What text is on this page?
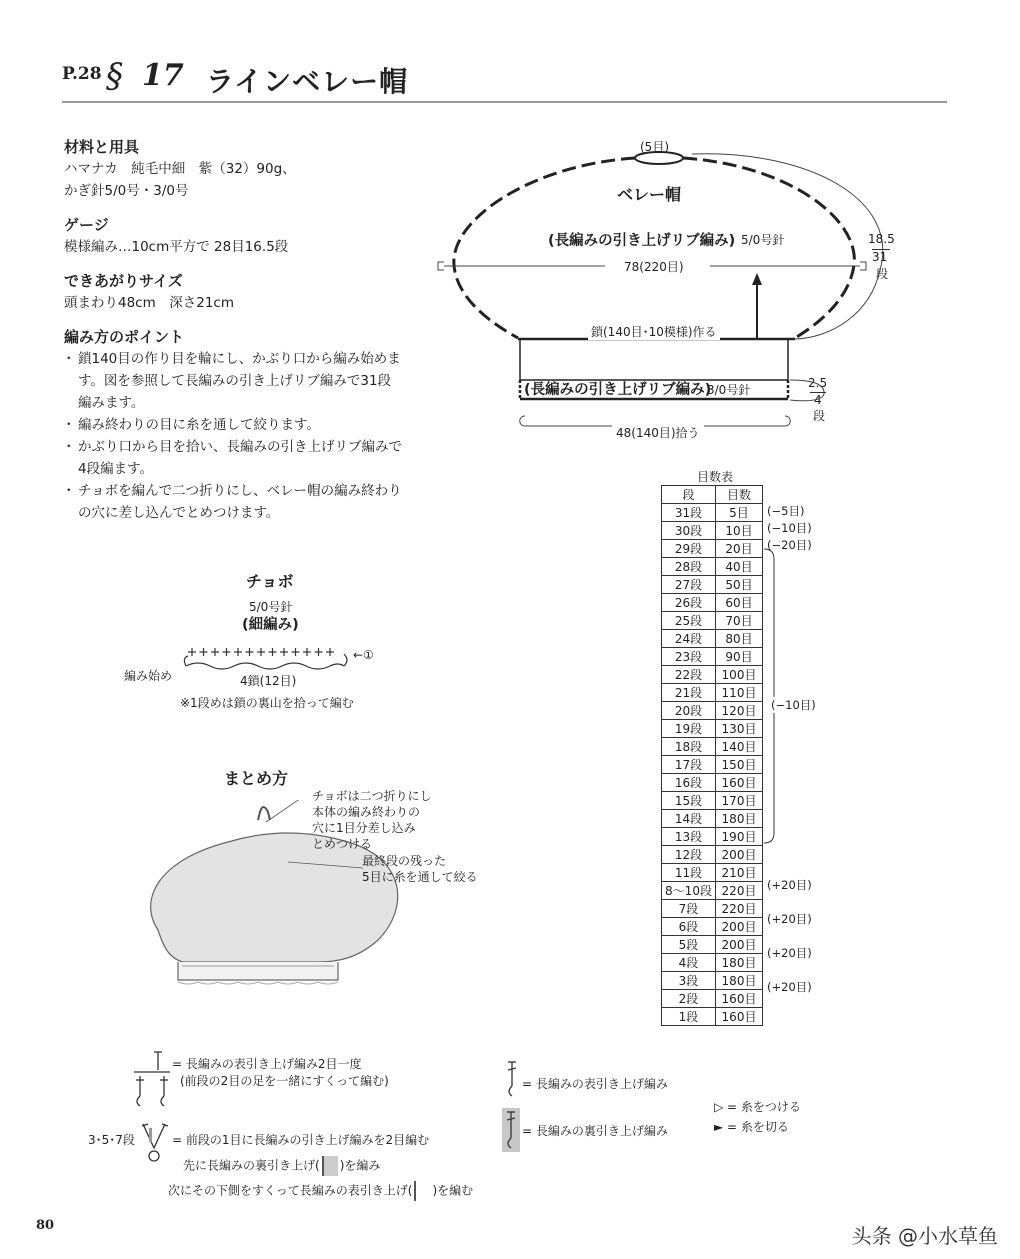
P.28 § 17 ラインベレー帽
材料と用具

ハマナカ　純毛中細　紫（32）90g、

かぎ針5/0号・3/0号

ゲージ

模様編み…10cm平方で 28目16.5段

できあがりサイズ

頭まわり48cm　深さ21cm

編み方のポイント
・ 鎖140目の作り目を輪にし、かぶり口から編み始めます。図を参照して長編みの引き上げリブ編みで31段編みます。
・ 編み終わりの目に糸を通して絞ります。
・ かぶり口から目を拾い、長編みの引き上げリブ編みで4段編ます。
・ チョボを編んで二つ折りにし、ベレー帽の編み終わりの穴に差し込んでとめつけます。
(5目)
ベレー帽
(長編みの引き上げリブ編み) 5/0号針
78(220目)
18.5
31
段
鎖(140目･10模様)作る
(長編みの引き上げリブ編み)
3/0号針	2.5
4
段
48(140目)拾う
目数表
段	目数
31段	5目
30段	10目
29段	20目
28段	40目
27段	50目
26段	60目
25段	70目
24段	80目
23段	90目
22段	100目
21段	110目
20段	120目
19段	130目
18段	140目
17段	150目
16段	160目
15段	170目
14段	180目
13段	190目
12段	200目
11段	210目
8〜10段	220目
7段	220目
6段	200目
5段	200目
4段	180目
3段	180目
2段	160目
1段	160目
(−5目)
(−10目)
(−20目)
(−10目)
(+20目)
(+20目)
(+20目)
(+20目)
チョボ
5/0号針
(細編み)
編み始め
←①
4鎖(12目)
※1段めは鎖の裏山を拾って編む
まとめ方
チョボは二つ折りにし
本体の編み終わりの
穴に1目分差し込み
とめつける
最終段の残った
5目に糸を通して絞る
= 長編みの表引き上げ編み2目一度
(前段の2目の足を一緒にすくって編む)
3･5･7段	= 前段の1目に長編みの引き上げ編みを2目編む
先に長編みの裏引き上げ( )を編み
次にその下側をすくって長編みの表引き上げ( )を編む
= 長編みの表引き上げ編み
= 長編みの裏引き上げ編み
▷ = 糸をつける
► = 糸を切る
80	头条 @小水草鱼
